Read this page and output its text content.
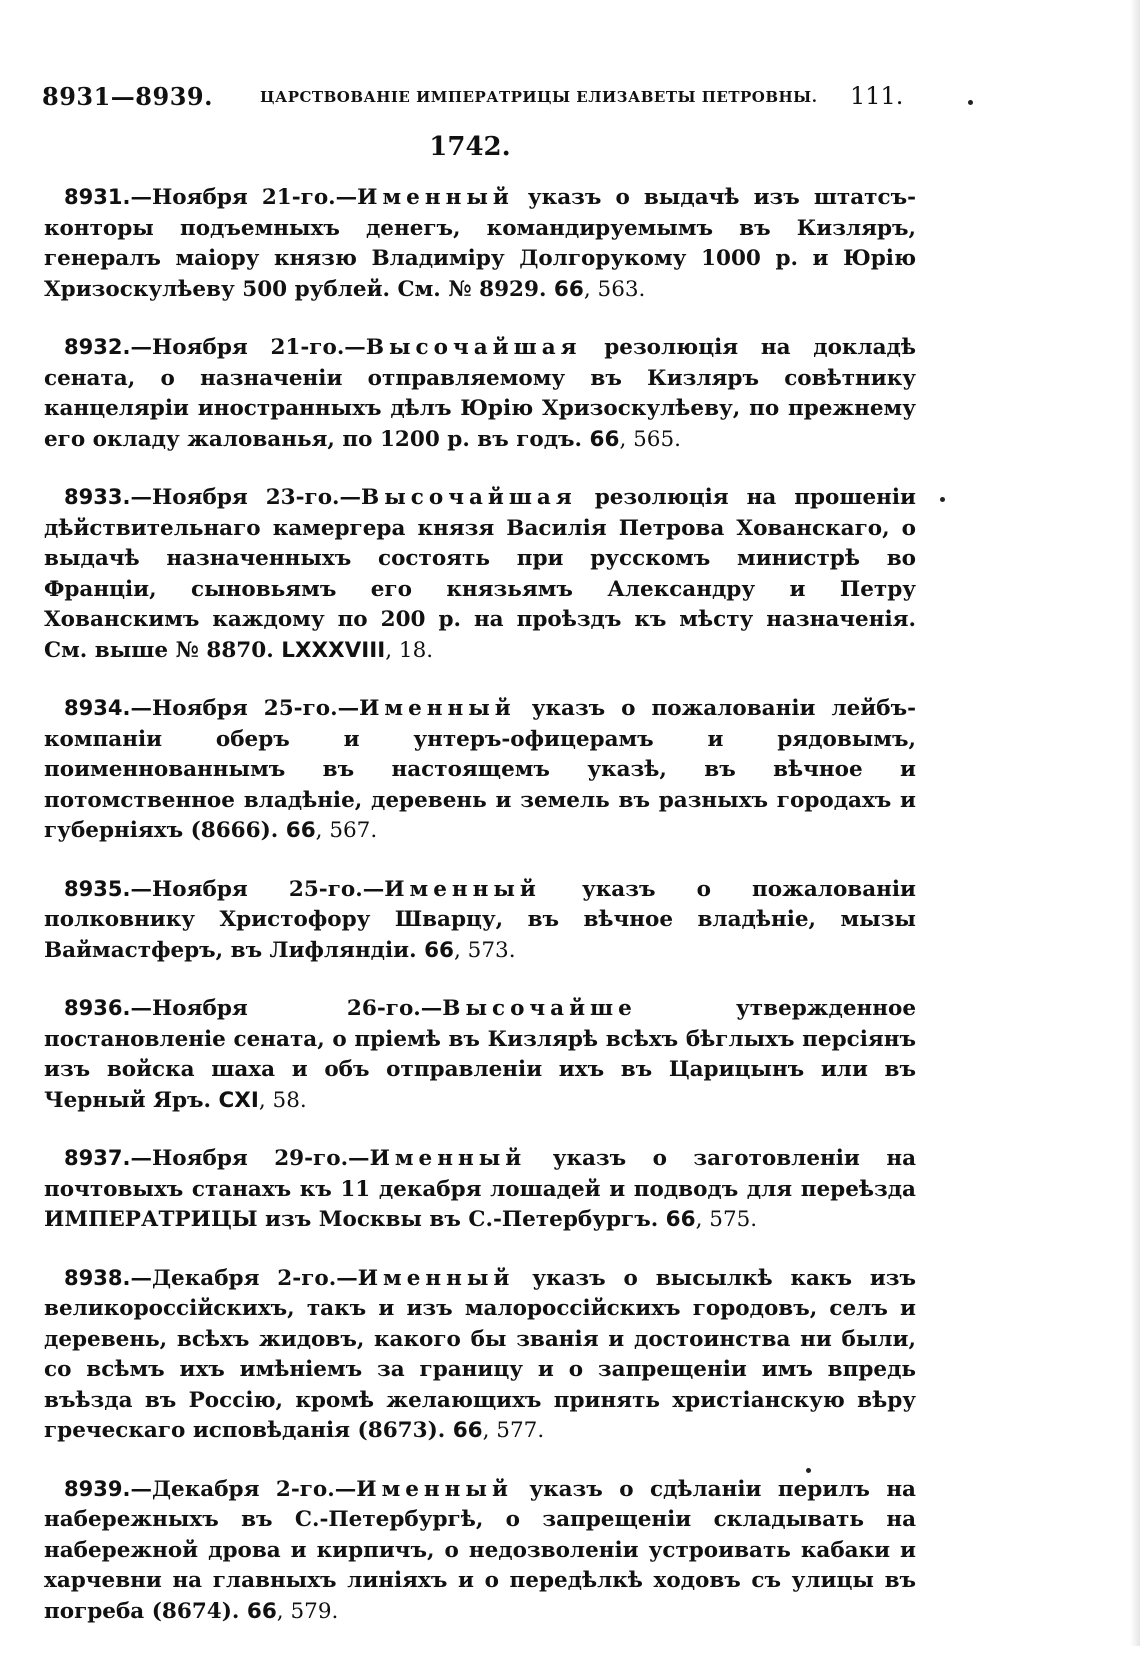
8931—8939.	ЦАРСТВОВАНІЕ ИМПЕРАТРИЦЫ ЕЛИЗАВЕТЫ ПЕТРОВНЫ. 111.
1742.

8931.—Ноября 21-го.—Именный указъ о выдачѣ изъ штатсъ-конторы подъемныхъ денегъ, командируемымъ въ Кизляръ, генералъ маіору князю Владиміру Долгорукому 1000 р. и Юрію Хризоскулѣеву 500 рублей. См. № 8929. 66, 563.

8932.—Ноября 21-го.—Высочайшая резолюція на докладѣ сената, о назначеніи отправляемому въ Кизляръ совѣтнику канцеляріи иностранныхъ дѣлъ Юрію Хризоскулѣеву, по прежнему его окладу жалованья, по 1200 р. въ годъ. 66, 565.

8933.—Ноября 23-го.—Высочайшая резолюція на прошеніи дѣйствительнаго камергера князя Василія Петрова Хованскаго, о выдачѣ назначенныхъ состоять при русскомъ министрѣ во Франціи, сыновьямъ его князьямъ Александру и Петру Хованскимъ каждому по 200 р. на проѣздъ къ мѣсту назначенія. См. выше № 8870. LXXXVIII, 18.

8934.—Ноября 25-го.—Именный указъ о пожалованіи лейбъ-компаніи оберъ и унтеръ-офицерамъ и рядовымъ, поименнованнымъ въ настоящемъ указѣ, въ вѣчное и потомственное владѣніе, деревень и земель въ разныхъ городахъ и губерніяхъ (8666). 66, 567.

8935.—Ноября 25-го.—Именный указъ о пожалованіи полковнику Христофору Шварцу, въ вѣчное владѣніе, мызы Ваймастферъ, въ Лифляндіи. 66, 573.

8936.—Ноября 26-го.—Высочайше утвержденное постановленіе сената, о пріемѣ въ Кизлярѣ всѣхъ бѣглыхъ персіянъ изъ войска шаха и объ отправленіи ихъ въ Царицынъ или въ Черный Яръ. CXI, 58.

8937.—Ноября 29-го.—Именный указъ о заготовленіи на почтовыхъ станахъ къ 11 декабря лошадей и подводъ для переѣзда ИМПЕРАТРИЦЫ изъ Москвы въ С.-Петербургъ. 66, 575.

8938.—Декабря 2-го.—Именный указъ о высылкѣ какъ изъ великороссійскихъ, такъ и изъ малороссійскихъ городовъ, селъ и деревень, всѣхъ жидовъ, какого бы званія и достоинства ни были, со всѣмъ ихъ имѣніемъ за границу и о запрещеніи имъ впредь въѣзда въ Россію, кромѣ желающихъ принять христіанскую вѣру греческаго исповѣданія (8673). 66, 577.

8939.—Декабря 2-го.—Именный указъ о сдѣланіи перилъ на набережныхъ въ С.-Петербургѣ, о запрещеніи складывать на набережной дрова и кирпичъ, о недозволеніи устроивать кабаки и харчевни на главныхъ линіяхъ и о передѣлкѣ ходовъ съ улицы въ погреба (8674). 66, 579.
